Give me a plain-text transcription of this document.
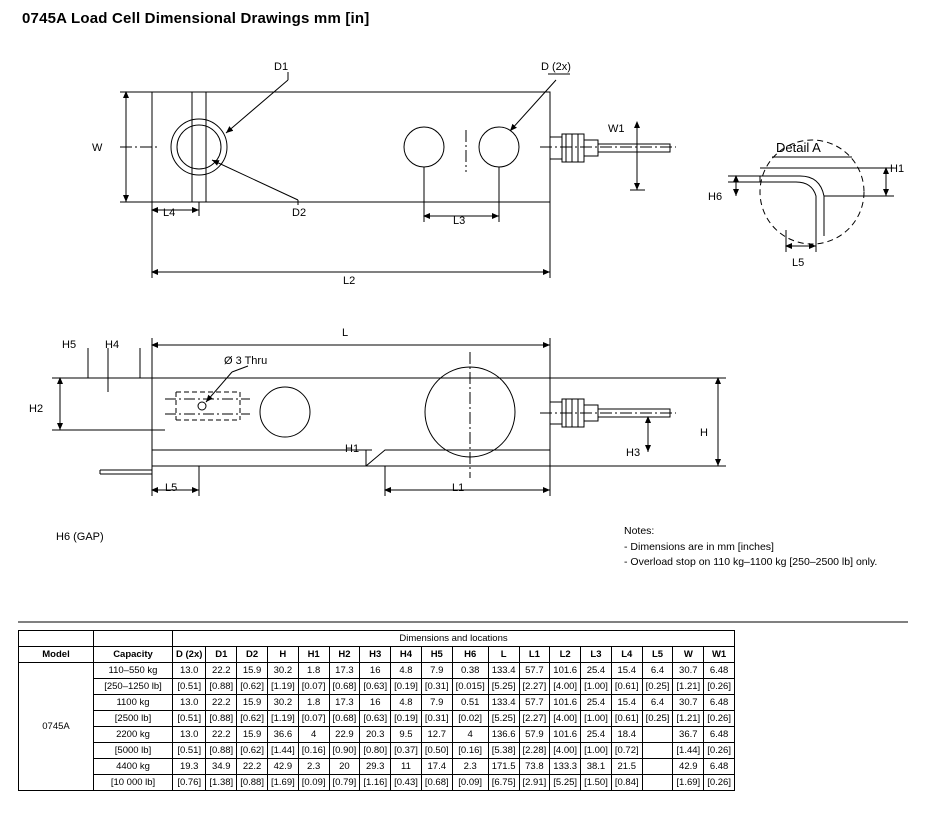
0745A Load Cell Dimensional Drawings mm [in]
W
D1
D2
D (2x)
W1
L4
L3
L2
L
H5	H4
H2
Ø 3 Thru
H1	H3
H
L5	L1
H6 (GAP)
Detail A
H1
H6
L5
Notes:
- Dimensions are in mm [inches]
- Overload stop on 110 kg–1100 kg [250–2500 lb] only.
		Dimensions and locations																	
Model	Capacity	D (2x)	D1	D2	H	H1	H2	H3	H4	H5	H6	L	L1	L2	L3	L4	L5	W	W1
0745A	110–550 kg	13.0	22.2	15.9	30.2	1.8	17.3	16	4.8	7.9	0.38	133.4	57.7	101.6	25.4	15.4	6.4	30.7	6.48
	[250–1250 lb]	[0.51]	[0.88]	[0.62]	[1.19]	[0.07]	[0.68]	[0.63]	[0.19]	[0.31]	[0.015]	[5.25]	[2.27]	[4.00]	[1.00]	[0.61]	[0.25]	[1.21]	[0.26]
	1100 kg	13.0	22.2	15.9	30.2	1.8	17.3	16	4.8	7.9	0.51	133.4	57.7	101.6	25.4	15.4	6.4	30.7	6.48
	[2500 lb]	[0.51]	[0.88]	[0.62]	[1.19]	[0.07]	[0.68]	[0.63]	[0.19]	[0.31]	[0.02]	[5.25]	[2.27]	[4.00]	[1.00]	[0.61]	[0.25]	[1.21]	[0.26]
	2200 kg	13.0	22.2	15.9	36.6	4	22.9	20.3	9.5	12.7	4	136.6	57.9	101.6	25.4	18.4		36.7	6.48
	[5000 lb]	[0.51]	[0.88]	[0.62]	[1.44]	[0.16]	[0.90]	[0.80]	[0.37]	[0.50]	[0.16]	[5.38]	[2.28]	[4.00]	[1.00]	[0.72]		[1.44]	[0.26]
	4400 kg	19.3	34.9	22.2	42.9	2.3	20	29.3	11	17.4	2.3	171.5	73.8	133.3	38.1	21.5		42.9	6.48
	[10 000 lb]	[0.76]	[1.38]	[0.88]	[1.69]	[0.09]	[0.79]	[1.16]	[0.43]	[0.68]	[0.09]	[6.75]	[2.91]	[5.25]	[1.50]	[0.84]		[1.69]	[0.26]
